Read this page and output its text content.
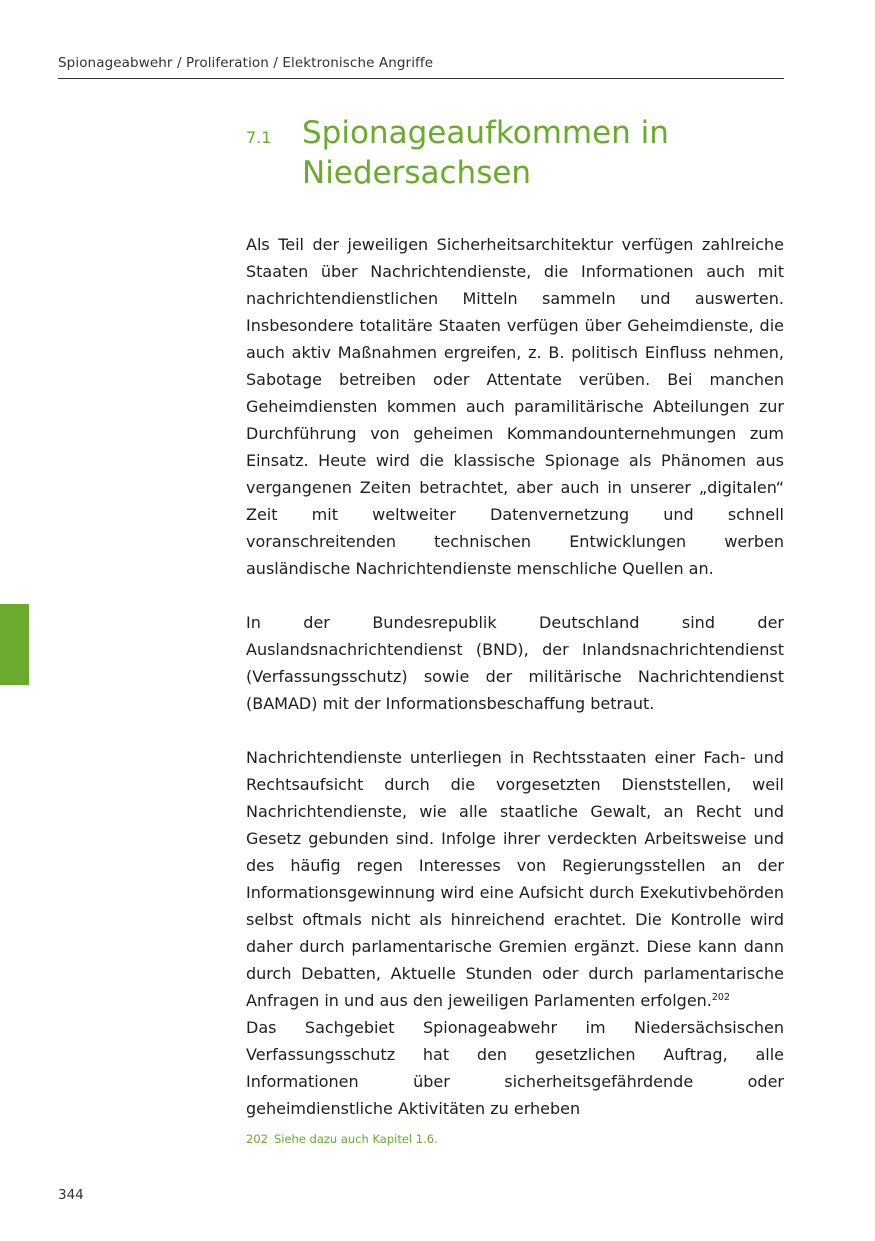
Spionageabwehr / Proliferation / Elektronische Angriffe
7.1 Spionageaufkommen in Niedersachsen

Als Teil der jeweiligen Sicherheitsarchitektur verfügen zahlreiche Staaten über Nachrichtendienste, die Informationen auch mit nachrichtendienstlichen Mitteln sammeln und auswerten. Insbesondere totalitäre Staaten verfügen über Geheimdienste, die auch aktiv Maßnahmen ergreifen, z. B. politisch Einfluss nehmen, Sabotage betreiben oder Attentate verüben. Bei manchen Geheimdiensten kommen auch paramilitärische Abteilungen zur Durchführung von geheimen Kommandounternehmungen zum Einsatz. Heute wird die klassische Spionage als Phänomen aus vergangenen Zeiten betrachtet, aber auch in unserer „digitalen“ Zeit mit weltweiter Datenvernetzung und schnell voranschreitenden technischen Entwicklungen werben ausländische Nachrichtendienste menschliche Quellen an.

In der Bundesrepublik Deutschland sind der Auslandsnachrichtendienst (BND), der Inlandsnachrichtendienst (Verfassungsschutz) sowie der militärische Nachrichtendienst (BAMAD) mit der Informationsbeschaffung betraut.

Nachrichtendienste unterliegen in Rechtsstaaten einer Fach- und Rechtsaufsicht durch die vorgesetzten Dienststellen, weil Nachrichtendienste, wie alle staatliche Gewalt, an Recht und Gesetz gebunden sind. Infolge ihrer verdeckten Arbeitsweise und des häufig regen Interesses von Regierungsstellen an der Informationsgewinnung wird eine Aufsicht durch Exekutivbehörden selbst oftmals nicht als hinreichend erachtet. Die Kontrolle wird daher durch parlamentarische Gremien ergänzt. Diese kann dann durch Debatten, Aktuelle Stunden oder durch parlamentarische Anfragen in und aus den jeweiligen Parlamenten erfolgen.$^{202}$

Das Sachgebiet Spionageabwehr im Niedersächsischen Verfassungsschutz hat den gesetzlichen Auftrag, alle Informationen über sicherheitsgefährdende oder geheimdienstliche Aktivitäten zu erheben

202 Siehe dazu auch Kapitel 1.6.
344
